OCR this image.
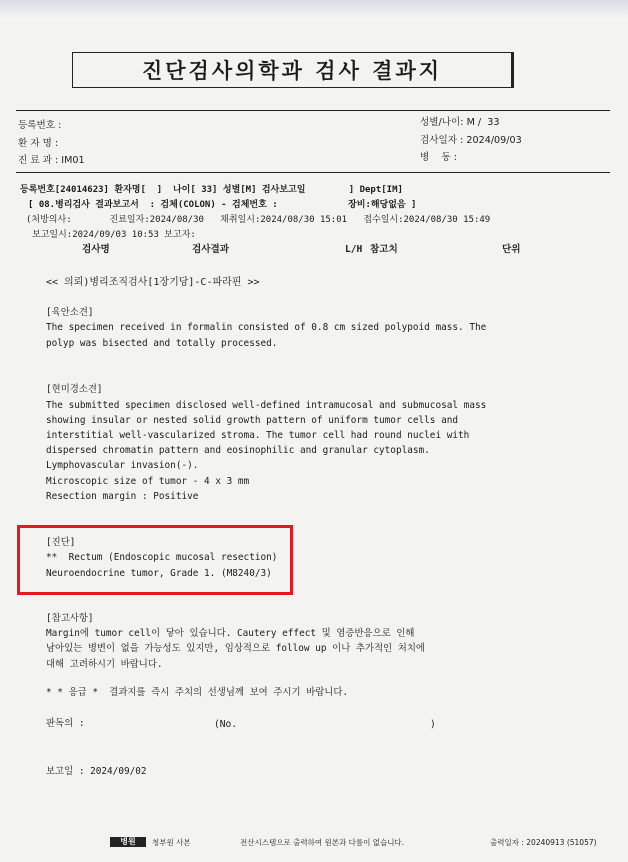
진단검사의학과 검사 결과지
등록번호 :
환 자 명 :
진 료 과 : IM01
성별/나이: M /  33
검사일자 : 2024/09/03
병    동 :
등록번호[24014623] 환자명[  ]  나이[ 33] 성별[M] 검사보고일        ] Dept[IM]
[ 08.병리검사 결과보고서  : 검체(COLON) - 검체번호 :             장비:해당없음 ]
(처방의사:       진료일자:2024/08/30   채취일시:2024/08/30 15:01   접수일시:2024/08/30 15:49
보고일시:2024/09/03 10:53 보고자:
검사명	검사결과	L/H 참고치	단위
<< 의뢰)병리조직검사[1장기당]-C-파라핀 >>
[육안소견]
The specimen received in formalin consisted of 0.8 cm sized polypoid mass. The
polyp was bisected and totally processed.
[현미경소견]
The submitted specimen disclosed well-defined intramucosal and submucosal mass
showing insular or nested solid growth pattern of uniform tumor cells and
interstitial well-vascularized stroma. The tumor cell had round nuclei with
dispersed chromatin pattern and eosinophilic and granular cytoplasm.
Lymphovascular invasion(-).
Microscopic size of tumor - 4 x 3 mm
Resection margin : Positive
[진단]
**  Rectum (Endoscopic mucosal resection)
Neuroendocrine tumor, Grade 1. (M8240/3)
[참고사항]
Margin에 tumor cell이 닿아 있습니다. Cautery effect 및 염증반응으로 인해
남아있는 병변이 없을 가능성도 있지만, 임상적으로 follow up 이나 추가적인 처치에
대해 고려하시기 바랍니다.
* * 응급 *  결과지를 즉시 주치의 선생님께 보여 주시기 바랍니다.
판독의 :	(No.	)
보고일 : 2024/09/02
병원	청부원 사본	전산시스템으로 출력하여 원본과 다름이 없습니다.	출력일자 : 20240913 (51057)
